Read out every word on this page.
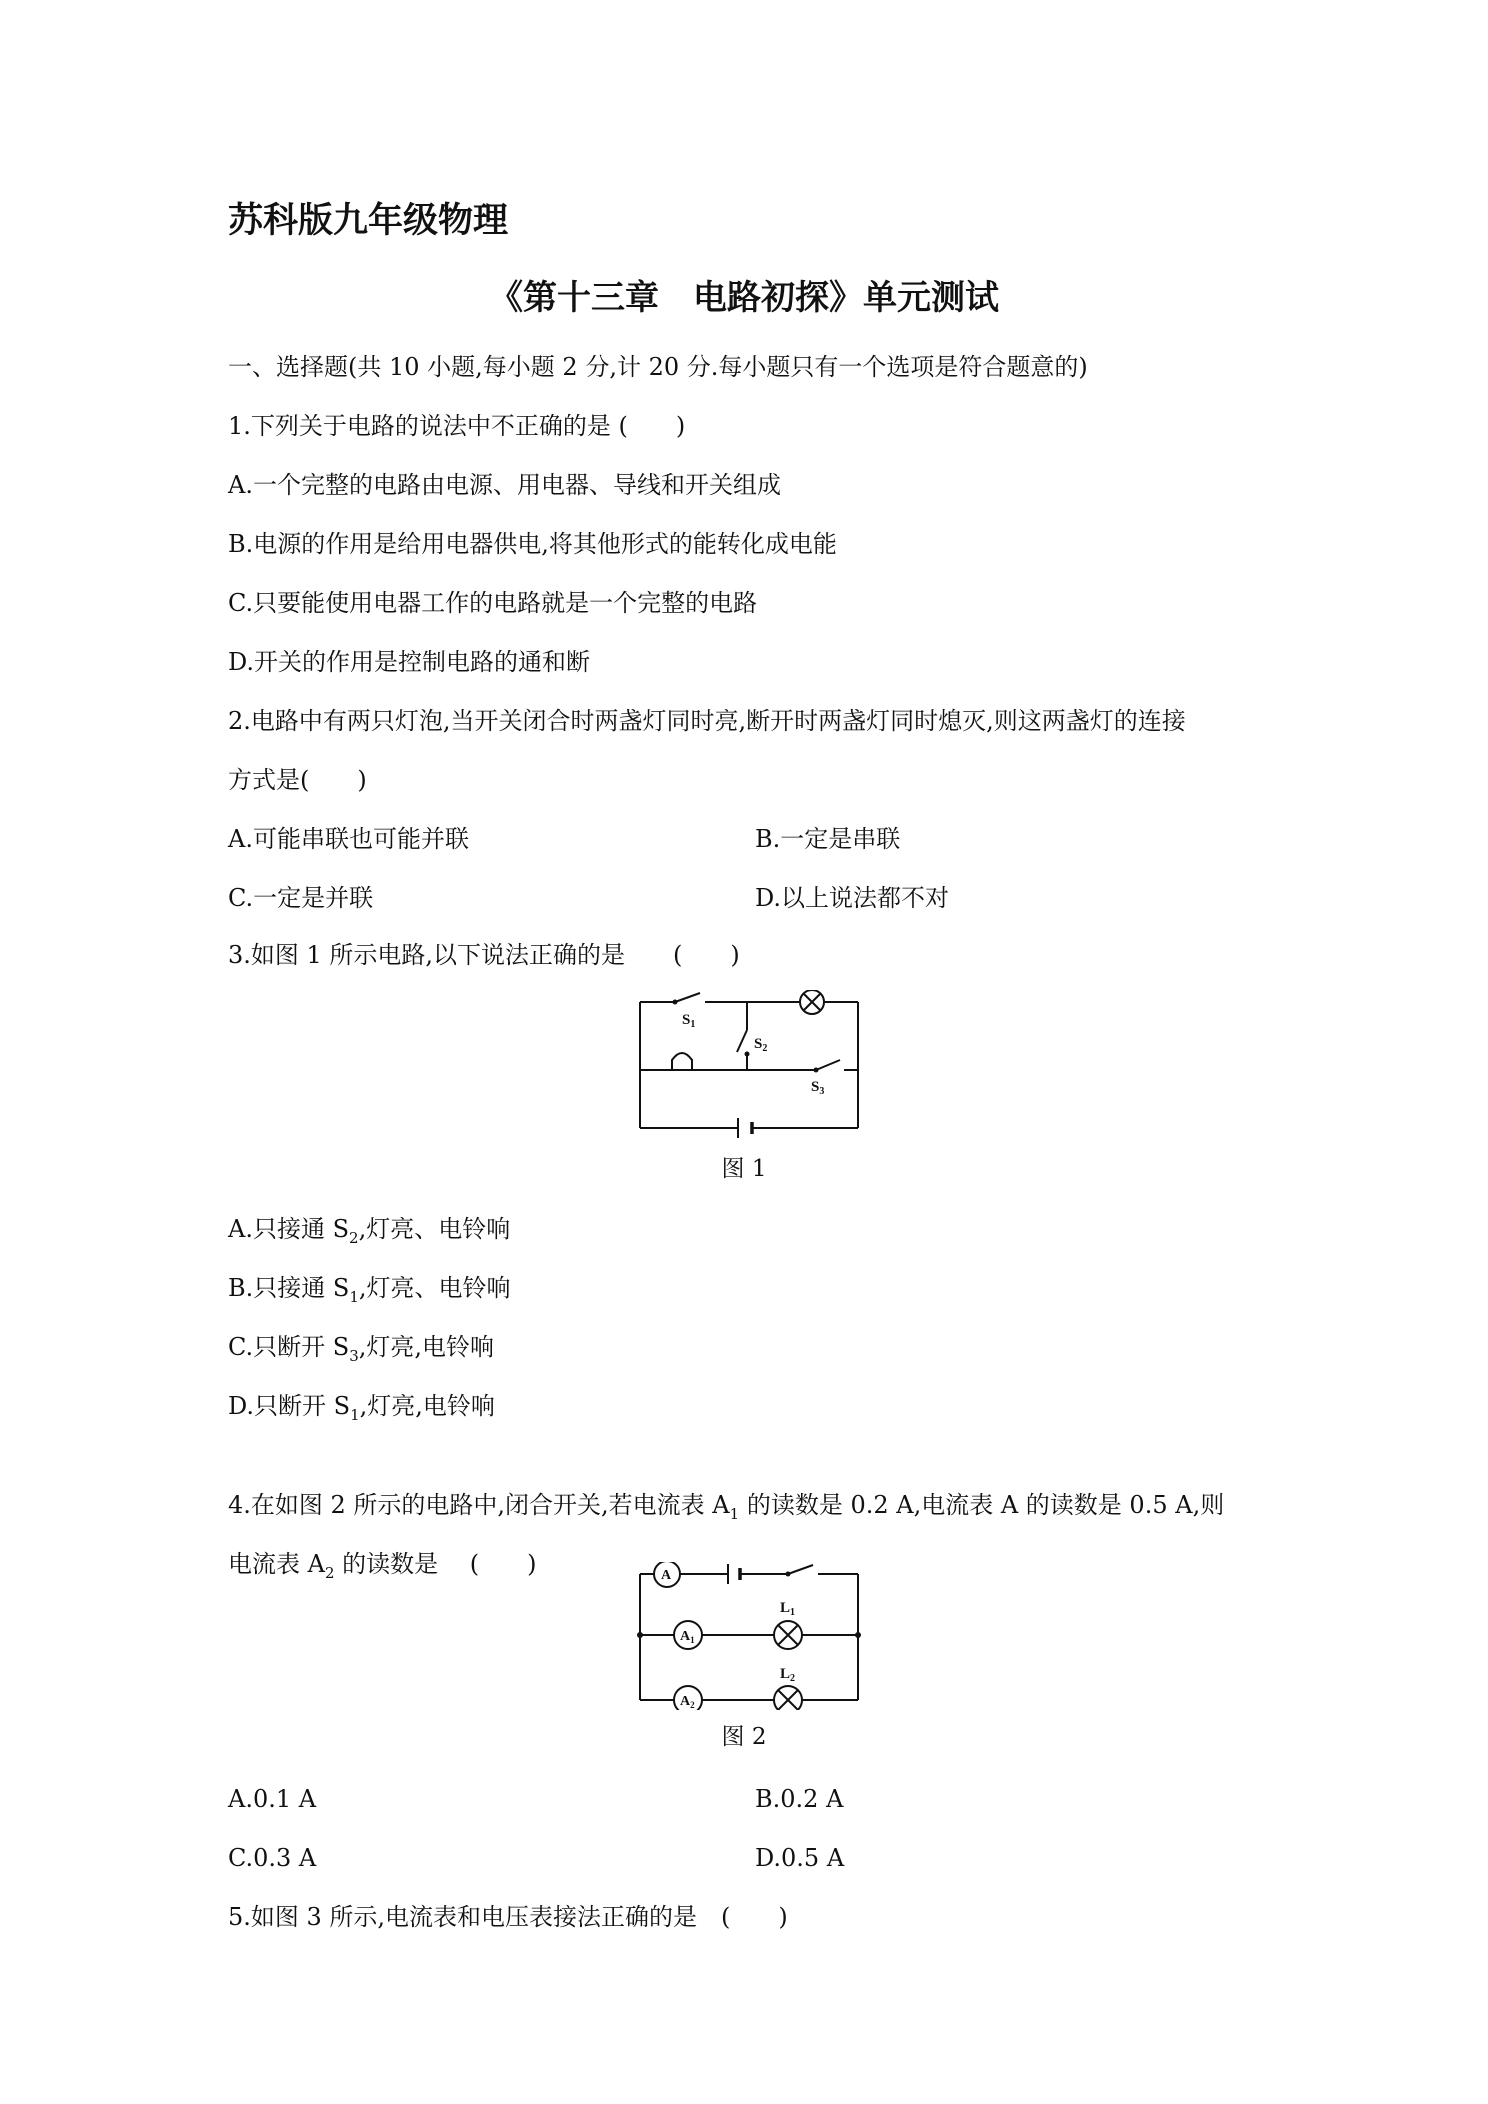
苏科版九年级物理
《第十三章　电路初探》单元测试
一、选择题(共 10 小题,每小题 2 分,计 20 分.每小题只有一个选项是符合题意的)
1.下列关于电路的说法中不正确的是 (　　)
A.一个完整的电路由电源、用电器、导线和开关组成
B.电源的作用是给用电器供电,将其他形式的能转化成电能
C.只要能使用电器工作的电路就是一个完整的电路
D.开关的作用是控制电路的通和断
2.电路中有两只灯泡,当开关闭合时两盏灯同时亮,断开时两盏灯同时熄灭,则这两盏灯的连接
方式是(　　)
A.可能串联也可能并联	B.一定是串联
C.一定是并联	D.以上说法都不对
3.如图 1 所示电路,以下说法正确的是　　(　　)
$S_1$
$S_2$
$S_3$
图 1
A.只接通 $S_2$,灯亮、电铃响
B.只接通 $S_1$,灯亮、电铃响
C.只断开 $S_3$,灯亮,电铃响
D.只断开 $S_1$,灯亮,电铃响
4.在如图 2 所示的电路中,闭合开关,若电流表 $A_1$ 的读数是 0.2 A,电流表 A 的读数是 0.5 A,则
电流表 $A_2$ 的读数是　 (　　)	A
$A_1$
$L_1$
$A_2$
$L_2$
图 2
A.0.1 A	B.0.2 A
C.0.3 A	D.0.5 A
5.如图 3 所示,电流表和电压表接法正确的是　(　　)
